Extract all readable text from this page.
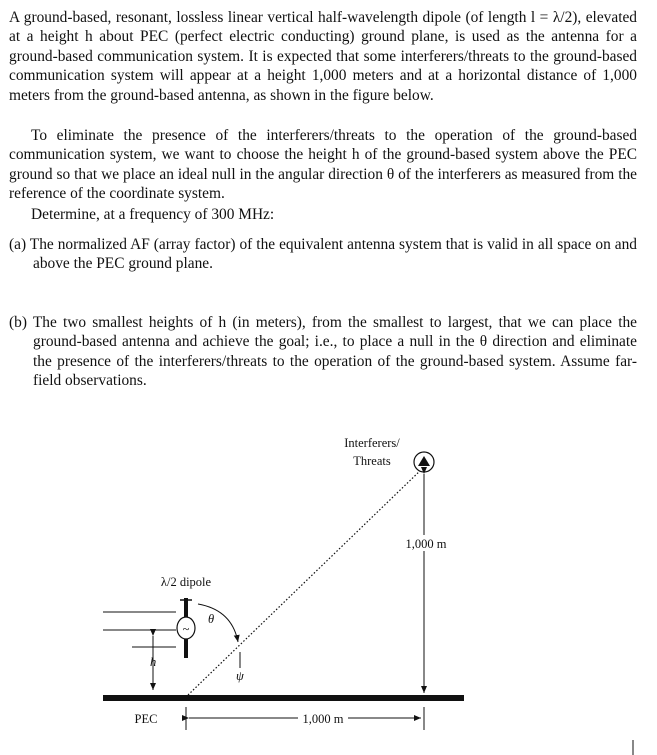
A ground-based, resonant, lossless linear vertical half-wavelength dipole (of length l = λ/2), elevated at a height h about PEC (perfect electric conducting) ground plane, is used as the antenna for a ground-based communication system. It is expected that some interferers/threats to the ground-based communication system will appear at a height 1,000 meters and at a horizontal distance of 1,000 meters from the ground-based antenna, as shown in the figure below.
To eliminate the presence of the interferers/threats to the operation of the ground-based communication system, we want to choose the height h of the ground-based system above the PEC ground so that we place an ideal null in the angular direction θ of the interferers as measured from the reference of the coordinate system.
Determine, at a frequency of 300 MHz:
(a) The normalized AF (array factor) of the equivalent antenna system that is valid in all space on and above the PEC ground plane.
(b) The two smallest heights of h (in meters), from the smallest to largest, that we can place the ground-based antenna and achieve the goal; i.e., to place a null in the θ direction and eliminate the presence of the interferers/threats to the operation of the ground-based system. Assume far-field observations.
~
h
θ
ψ
Interferers/
Threats
1,000 m
1,000 m
PEC
λ/2 dipole
